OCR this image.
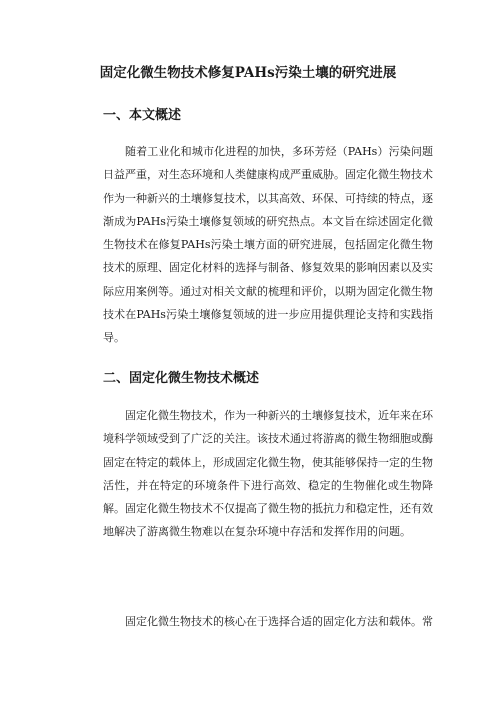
固定化微生物技术修复PAHs污染土壤的研究进展
一、本文概述

随着工业化和城市化进程的加快，多环芳烃（PAHs）污染问题日益严重，对生态环境和人类健康构成严重威胁。固定化微生物技术作为一种新兴的土壤修复技术，以其高效、环保、可持续的特点，逐渐成为PAHs污染土壤修复领域的研究热点。本文旨在综述固定化微生物技术在修复PAHs污染土壤方面的研究进展，包括固定化微生物技术的原理、固定化材料的选择与制备、修复效果的影响因素以及实际应用案例等。通过对相关文献的梳理和评价，以期为固定化微生物技术在PAHs污染土壤修复领域的进一步应用提供理论支持和实践指导。

二、固定化微生物技术概述

固定化微生物技术，作为一种新兴的土壤修复技术，近年来在环境科学领域受到了广泛的关注。该技术通过将游离的微生物细胞或酶固定在特定的载体上，形成固定化微生物，使其能够保持一定的生物活性，并在特定的环境条件下进行高效、稳定的生物催化或生物降解。固定化微生物技术不仅提高了微生物的抵抗力和稳定性，还有效地解决了游离微生物难以在复杂环境中存活和发挥作用的问题。

固定化微生物技术的核心在于选择合适的固定化方法和载体。常
